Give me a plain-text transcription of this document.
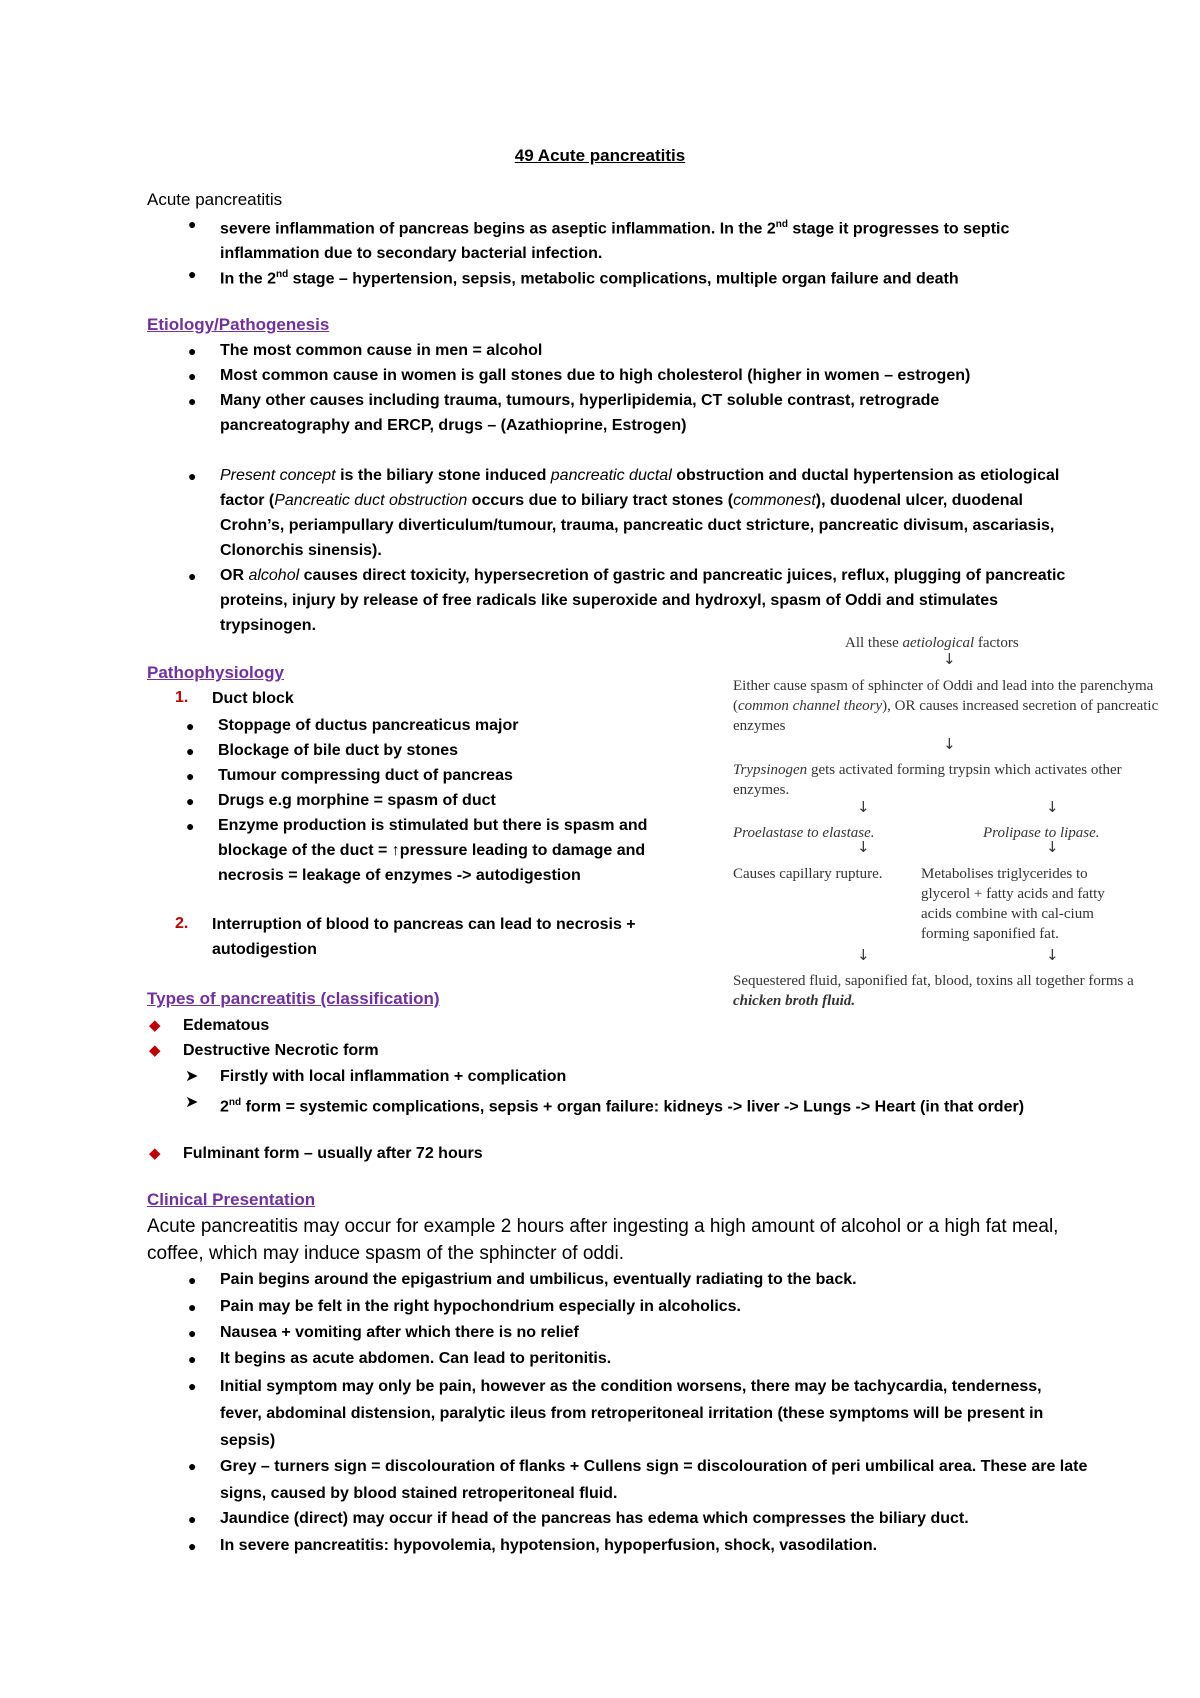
49 Acute pancreatitis
Acute pancreatitis
● severe inflammation of pancreas begins as aseptic inflammation. In the 2nd stage it progresses to septic inflammation due to secondary bacterial infection.
● In the 2nd stage – hypertension, sepsis, metabolic complications, multiple organ failure and death
Etiology/Pathogenesis
● The most common cause in men = alcohol
● Most common cause in women is gall stones due to high cholesterol (higher in women – estrogen)
● Many other causes including trauma, tumours, hyperlipidemia, CT soluble contrast, retrograde pancreatography and ERCP, drugs – (Azathioprine, Estrogen)
● Present concept is the biliary stone induced pancreatic ductal obstruction and ductal hypertension as etiological factor (Pancreatic duct obstruction occurs due to biliary tract stones (commonest), duodenal ulcer, duodenal Crohn’s, periampullary diverticulum/tumour, trauma, pancreatic duct stricture, pancreatic divisum, ascariasis, Clonorchis sinensis).
● OR alcohol causes direct toxicity, hypersecretion of gastric and pancreatic juices, reflux, plugging of pancreatic proteins, injury by release of free radicals like superoxide and hydroxyl, spasm of Oddi and stimulates trypsinogen.
Pathophysiology
1. Duct block
● Stoppage of ductus pancreaticus major
● Blockage of bile duct by stones
● Tumour compressing duct of pancreas
● Drugs e.g morphine = spasm of duct
● Enzyme production is stimulated but there is spasm and blockage of the duct = ↑pressure leading to damage and necrosis = leakage of enzymes -> autodigestion
2. Interruption of blood to pancreas can lead to necrosis + autodigestion
All these aetiological factors
↓
Either cause spasm of sphincter of Oddi and lead into the parenchyma (common channel theory), OR causes increased secretion of pancreatic enzymes
↓
Trypsinogen gets activated forming trypsin which activates other enzymes.
↓	↓
Proelastase to elastase.	Prolipase to lipase.
↓	↓
Causes capillary rupture.	Metabolises triglycerides to glycerol + fatty acids and fatty acids combine with cal-cium forming saponified fat.
↓	↓
Sequestered fluid, saponified fat, blood, toxins all together forms a chicken broth fluid.
Types of pancreatitis (classification)
◆ Edematous
◆ Destructive Necrotic form
➤ Firstly with local inflammation + complication
➤ 2nd form = systemic complications, sepsis + organ failure: kidneys -> liver -> Lungs -> Heart (in that order)
◆ Fulminant form – usually after 72 hours
Clinical Presentation
Acute pancreatitis may occur for example 2 hours after ingesting a high amount of alcohol or a high fat meal, coffee, which may induce spasm of the sphincter of oddi.
● Pain begins around the epigastrium and umbilicus, eventually radiating to the back.
● Pain may be felt in the right hypochondrium especially in alcoholics.
● Nausea + vomiting after which there is no relief
● It begins as acute abdomen. Can lead to peritonitis.
● Initial symptom may only be pain, however as the condition worsens, there may be tachycardia, tenderness, fever, abdominal distension, paralytic ileus from retroperitoneal irritation (these symptoms will be present in sepsis)
● Grey – turners sign = discolouration of flanks + Cullens sign = discolouration of peri umbilical area. These are late signs, caused by blood stained retroperitoneal fluid.
● Jaundice (direct) may occur if head of the pancreas has edema which compresses the biliary duct.
● In severe pancreatitis: hypovolemia, hypotension, hypoperfusion, shock, vasodilation.
